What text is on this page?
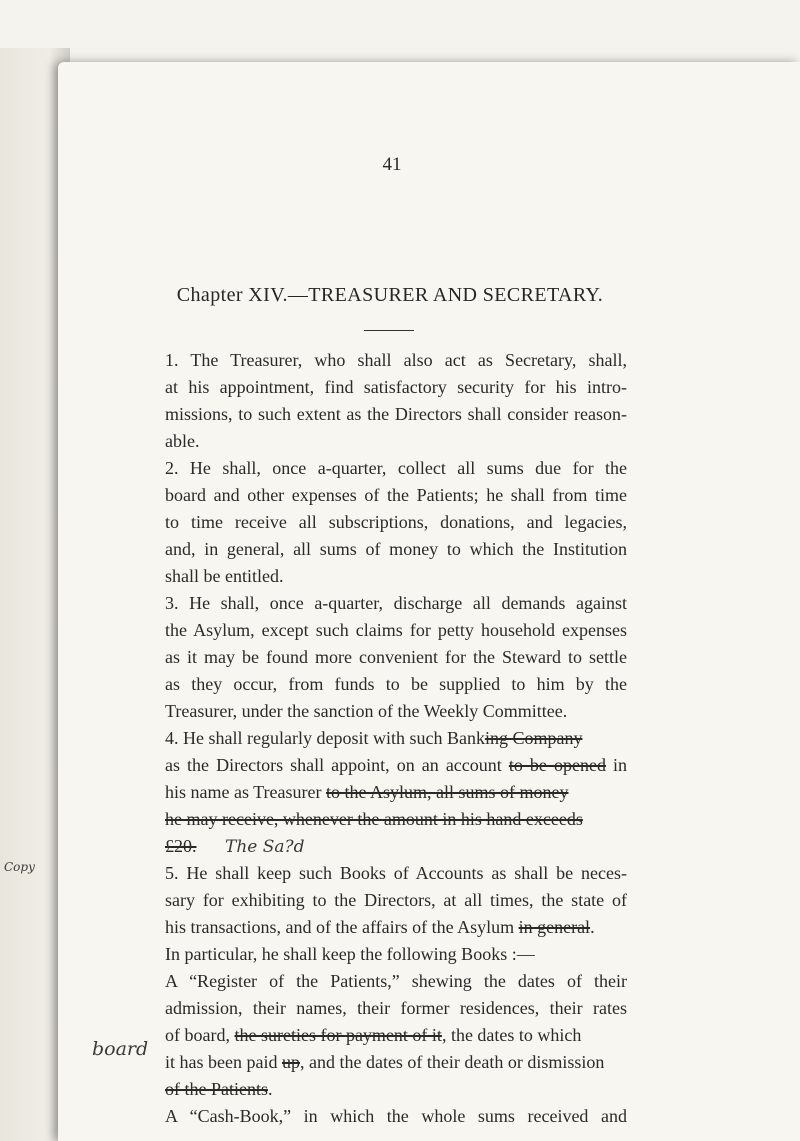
41
Chapter XIV.—TREASURER AND SECRETARY.
1. The Treasurer, who shall also act as Secretary, shall,
at his appointment, find satisfactory security for his intro-
missions, to such extent as the Directors shall consider reason-
able.
2. He shall, once a-quarter, collect all sums due for the
board and other expenses of the Patients; he shall from time
to time receive all subscriptions, donations, and legacies,
and, in general, all sums of money to which the Institution
shall be entitled.
3. He shall, once a-quarter, discharge all demands against
the Asylum, except such claims for petty household expenses
as it may be found more convenient for the Steward to settle
as they occur, from funds to be supplied to him by the
Treasurer, under the sanction of the Weekly Committee.
4. He shall regularly deposit with such Banking Company
as the Directors shall appoint, on an account to be opened in
his name as Treasurer to the Asylum, all sums of money
he may receive, whenever the amount in his hand exceeds
£20. The Sa?d
5. He shall keep such Books of Accounts as shall be neces-
sary for exhibiting to the Directors, at all times, the state of
his transactions, and of the affairs of the Asylum in general.
In particular, he shall keep the following Books :—
A “Register of the Patients,” shewing the dates of their
admission, their names, their former residences, their rates
of board, the sureties for payment of it, the dates to which
it has been paid up, and the dates of their death or dismission
of the Patients.
A “Cash-Book,” in which the whole sums received and
board
Copy
